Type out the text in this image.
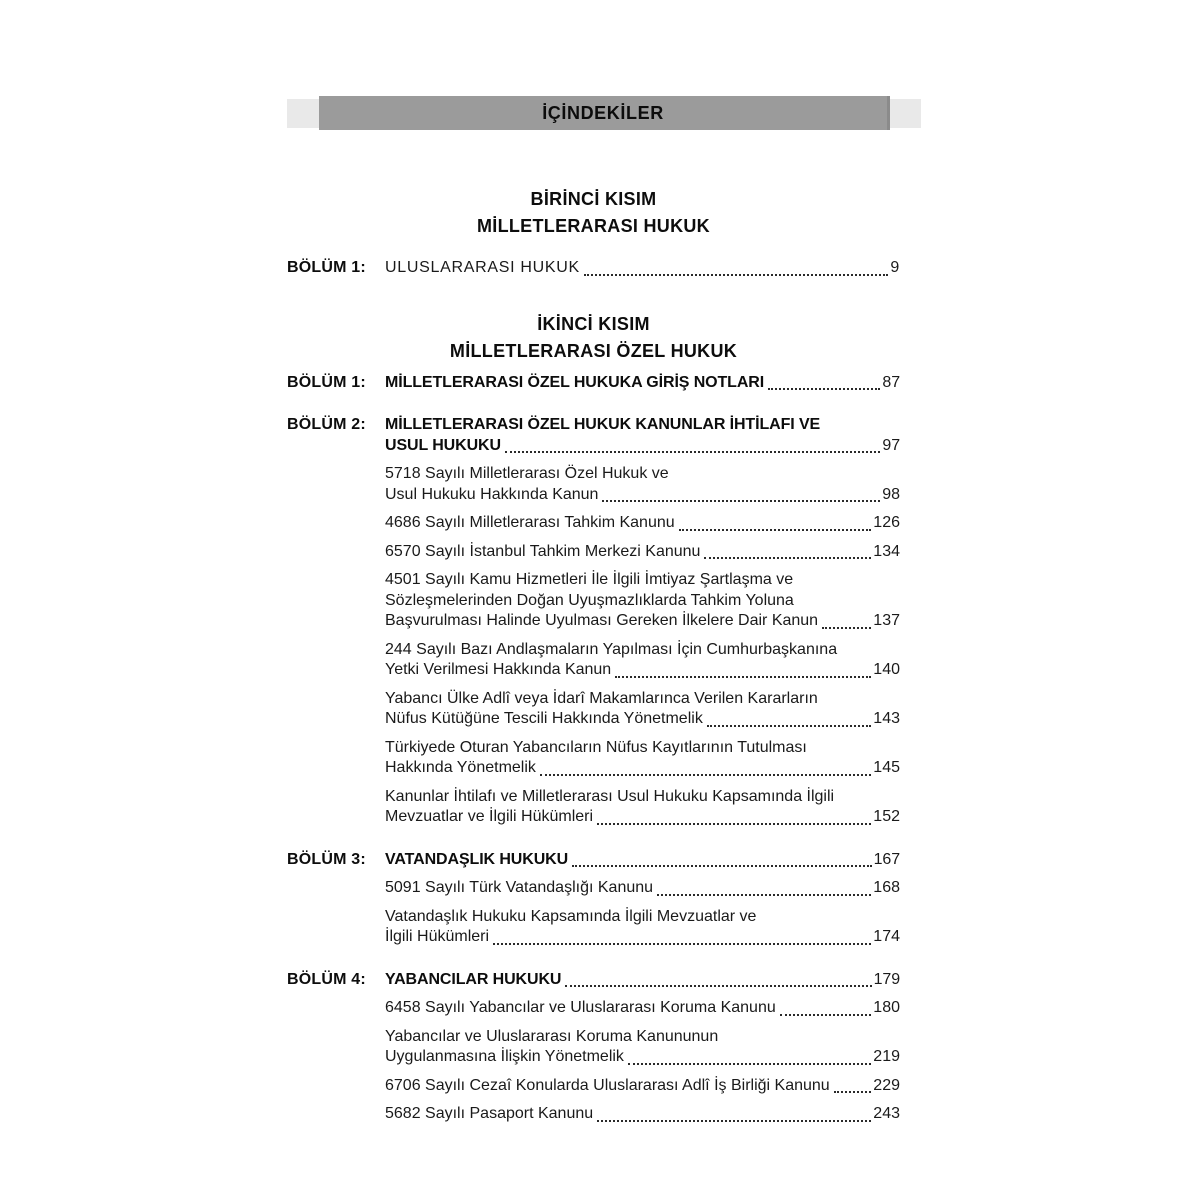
İÇİNDEKİLER
BİRİNCİ KISIM
MİLLETLERARASI HUKUK
BÖLÜM 1:	ULUSLARARASI HUKUK	9
İKİNCİ KISIM
MİLLETLERARASI ÖZEL HUKUK
BÖLÜM 1:	MİLLETLERARASI ÖZEL HUKUKA GİRİŞ NOTLARI	87
BÖLÜM 2:	MİLLETLERARASI ÖZEL HUKUK KANUNLAR İHTİLAFI VE
USUL HUKUKU	97
5718 Sayılı Milletlerarası Özel Hukuk ve
Usul Hukuku Hakkında Kanun	98
4686 Sayılı Milletlerarası Tahkim Kanunu	126
6570 Sayılı İstanbul Tahkim Merkezi Kanunu	134
4501 Sayılı Kamu Hizmetleri İle İlgili İmtiyaz Şartlaşma ve
Sözleşmelerinden Doğan Uyuşmazlıklarda Tahkim Yoluna
Başvurulması Halinde Uyulması Gereken İlkelere Dair Kanun	137
244 Sayılı Bazı Andlaşmaların Yapılması İçin Cumhurbaşkanına
Yetki Verilmesi Hakkında Kanun	140
Yabancı Ülke Adlî veya İdarî Makamlarınca Verilen Kararların
Nüfus Kütüğüne Tescili Hakkında Yönetmelik	143
Türkiyede Oturan Yabancıların Nüfus Kayıtlarının Tutulması
Hakkında Yönetmelik	145
Kanunlar İhtilafı ve Milletlerarası Usul Hukuku Kapsamında İlgili
Mevzuatlar ve İlgili Hükümleri	152
BÖLÜM 3:	VATANDAŞLIK HUKUKU	167
5091 Sayılı Türk Vatandaşlığı Kanunu	168
Vatandaşlık Hukuku Kapsamında İlgili Mevzuatlar ve
İlgili Hükümleri	174
BÖLÜM 4:	YABANCILAR HUKUKU	179
6458 Sayılı Yabancılar ve Uluslararası Koruma Kanunu	180
Yabancılar ve Uluslararası Koruma Kanununun
Uygulanmasına İlişkin Yönetmelik	219
6706 Sayılı Cezaî Konularda Uluslararası Adlî İş Birliği Kanunu	229
5682 Sayılı Pasaport Kanunu	243
